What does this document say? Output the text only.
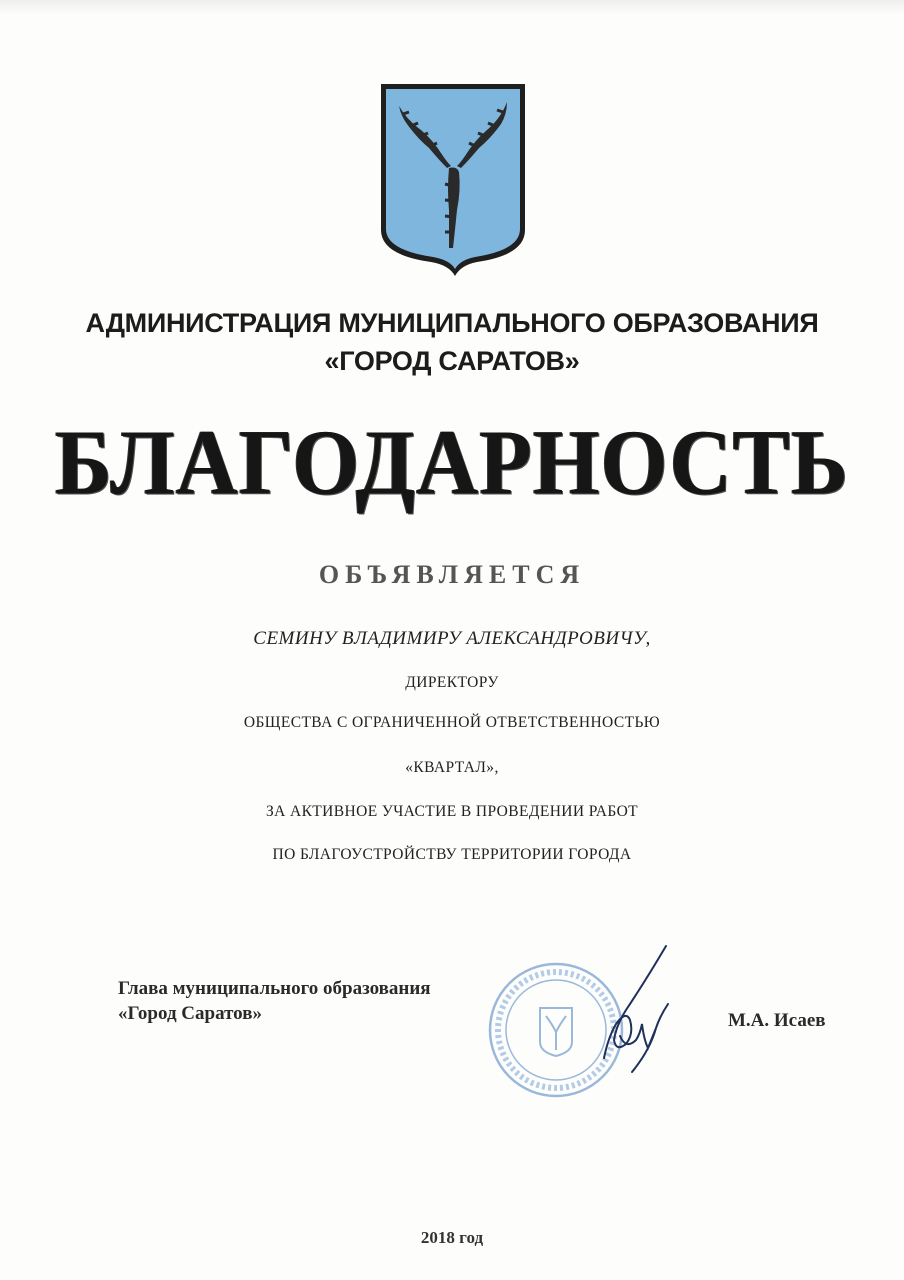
АДМИНИСТРАЦИЯ МУНИЦИПАЛЬНОГО ОБРАЗОВАНИЯ
«ГОРОД САРАТОВ»
БЛАГОДАРНОСТЬ
ОБЪЯВЛЯЕТСЯ
СЕМИНУ ВЛАДИМИРУ АЛЕКСАНДРОВИЧУ,
ДИРЕКТОРУ
ОБЩЕСТВА С ОГРАНИЧЕННОЙ ОТВЕТСТВЕННОСТЬЮ
«КВАРТАЛ»,
ЗА АКТИВНОЕ УЧАСТИЕ В ПРОВЕДЕНИИ РАБОТ
ПО БЛАГОУСТРОЙСТВУ ТЕРРИТОРИИ ГОРОДА
Глава муниципального образования
«Город Саратов»	М.А. Исаев
2018 год
